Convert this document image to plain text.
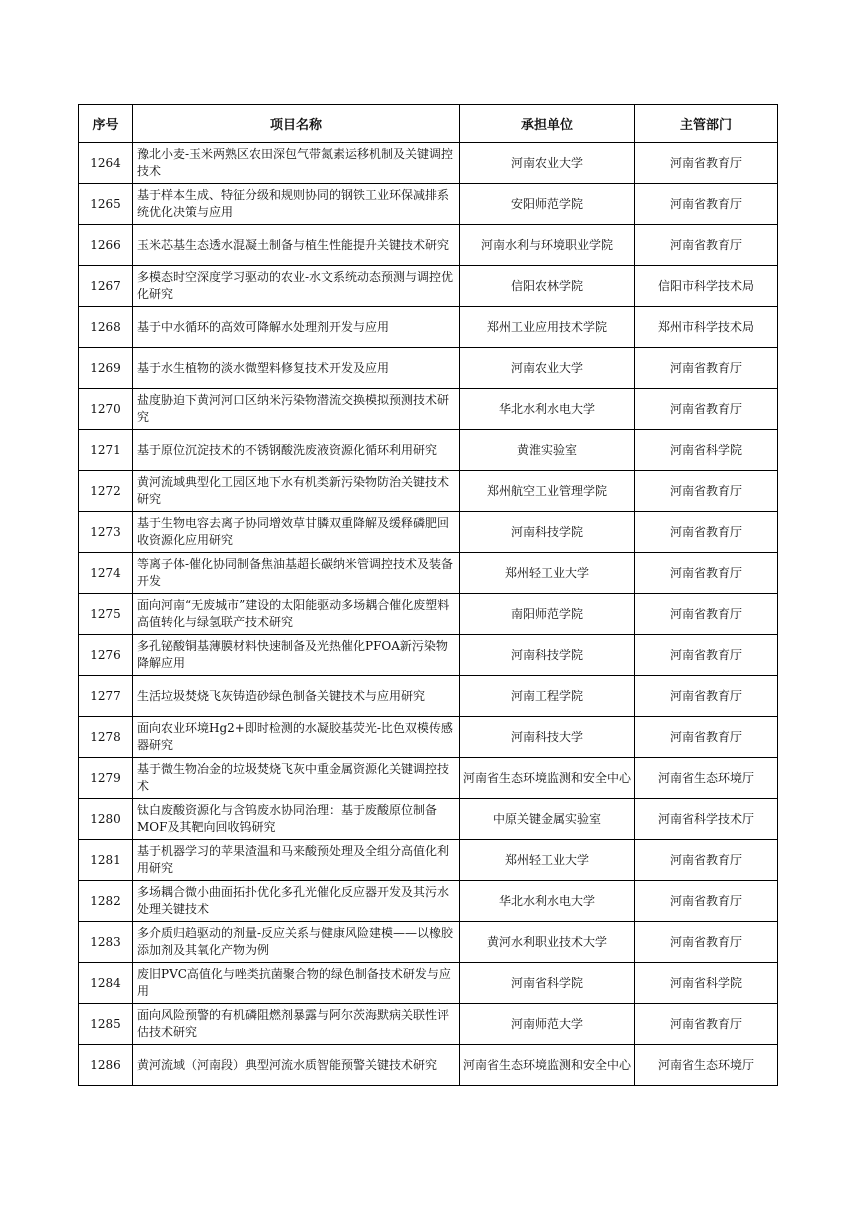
序号	项目名称	承担单位	主管部门
1264	豫北小麦-玉米两熟区农田深包气带氮素运移机制及关键调控技术	河南农业大学	河南省教育厅
1265	基于样本生成、特征分级和规则协同的钢铁工业环保减排系统优化决策与应用	安阳师范学院	河南省教育厅
1266	玉米芯基生态透水混凝土制备与植生性能提升关键技术研究	河南水利与环境职业学院	河南省教育厅
1267	多模态时空深度学习驱动的农业-水文系统动态预测与调控优化研究	信阳农林学院	信阳市科学技术局
1268	基于中水循环的高效可降解水处理剂开发与应用	郑州工业应用技术学院	郑州市科学技术局
1269	基于水生植物的淡水微塑料修复技术开发及应用	河南农业大学	河南省教育厅
1270	盐度胁迫下黄河河口区纳米污染物潜流交换模拟预测技术研究	华北水利水电大学	河南省教育厅
1271	基于原位沉淀技术的不锈钢酸洗废液资源化循环利用研究	黄淮实验室	河南省科学院
1272	黄河流域典型化工园区地下水有机类新污染物防治关键技术研究	郑州航空工业管理学院	河南省教育厅
1273	基于生物电容去离子协同增效草甘膦双重降解及缓释磷肥回收资源化应用研究	河南科技学院	河南省教育厅
1274	等离子体-催化协同制备焦油基超长碳纳米管调控技术及装备开发	郑州轻工业大学	河南省教育厅
1275	面向河南“无废城市”建设的太阳能驱动多场耦合催化废塑料高值转化与绿氢联产技术研究	南阳师范学院	河南省教育厅
1276	多孔铋酸铜基薄膜材料快速制备及光热催化PFOA新污染物降解应用	河南科技学院	河南省教育厅
1277	生活垃圾焚烧飞灰铸造砂绿色制备关键技术与应用研究	河南工程学院	河南省教育厅
1278	面向农业环境Hg2+即时检测的水凝胶基荧光-比色双模传感器研究	河南科技大学	河南省教育厅
1279	基于微生物冶金的垃圾焚烧飞灰中重金属资源化关键调控技术	河南省生态环境监测和安全中心	河南省生态环境厅
1280	钛白废酸资源化与含钨废水协同治理：基于废酸原位制备MOF及其靶向回收钨研究	中原关键金属实验室	河南省科学技术厅
1281	基于机器学习的苹果渣温和马来酸预处理及全组分高值化利用研究	郑州轻工业大学	河南省教育厅
1282	多场耦合微小曲面拓扑优化多孔光催化反应器开发及其污水处理关键技术	华北水利水电大学	河南省教育厅
1283	多介质归趋驱动的剂量-反应关系与健康风险建模——以橡胶添加剂及其氧化产物为例	黄河水利职业技术大学	河南省教育厅
1284	废旧PVC高值化与唑类抗菌聚合物的绿色制备技术研发与应用	河南省科学院	河南省科学院
1285	面向风险预警的有机磷阻燃剂暴露与阿尔茨海默病关联性评估技术研究	河南师范大学	河南省教育厅
1286	黄河流域（河南段）典型河流水质智能预警关键技术研究	河南省生态环境监测和安全中心	河南省生态环境厅
